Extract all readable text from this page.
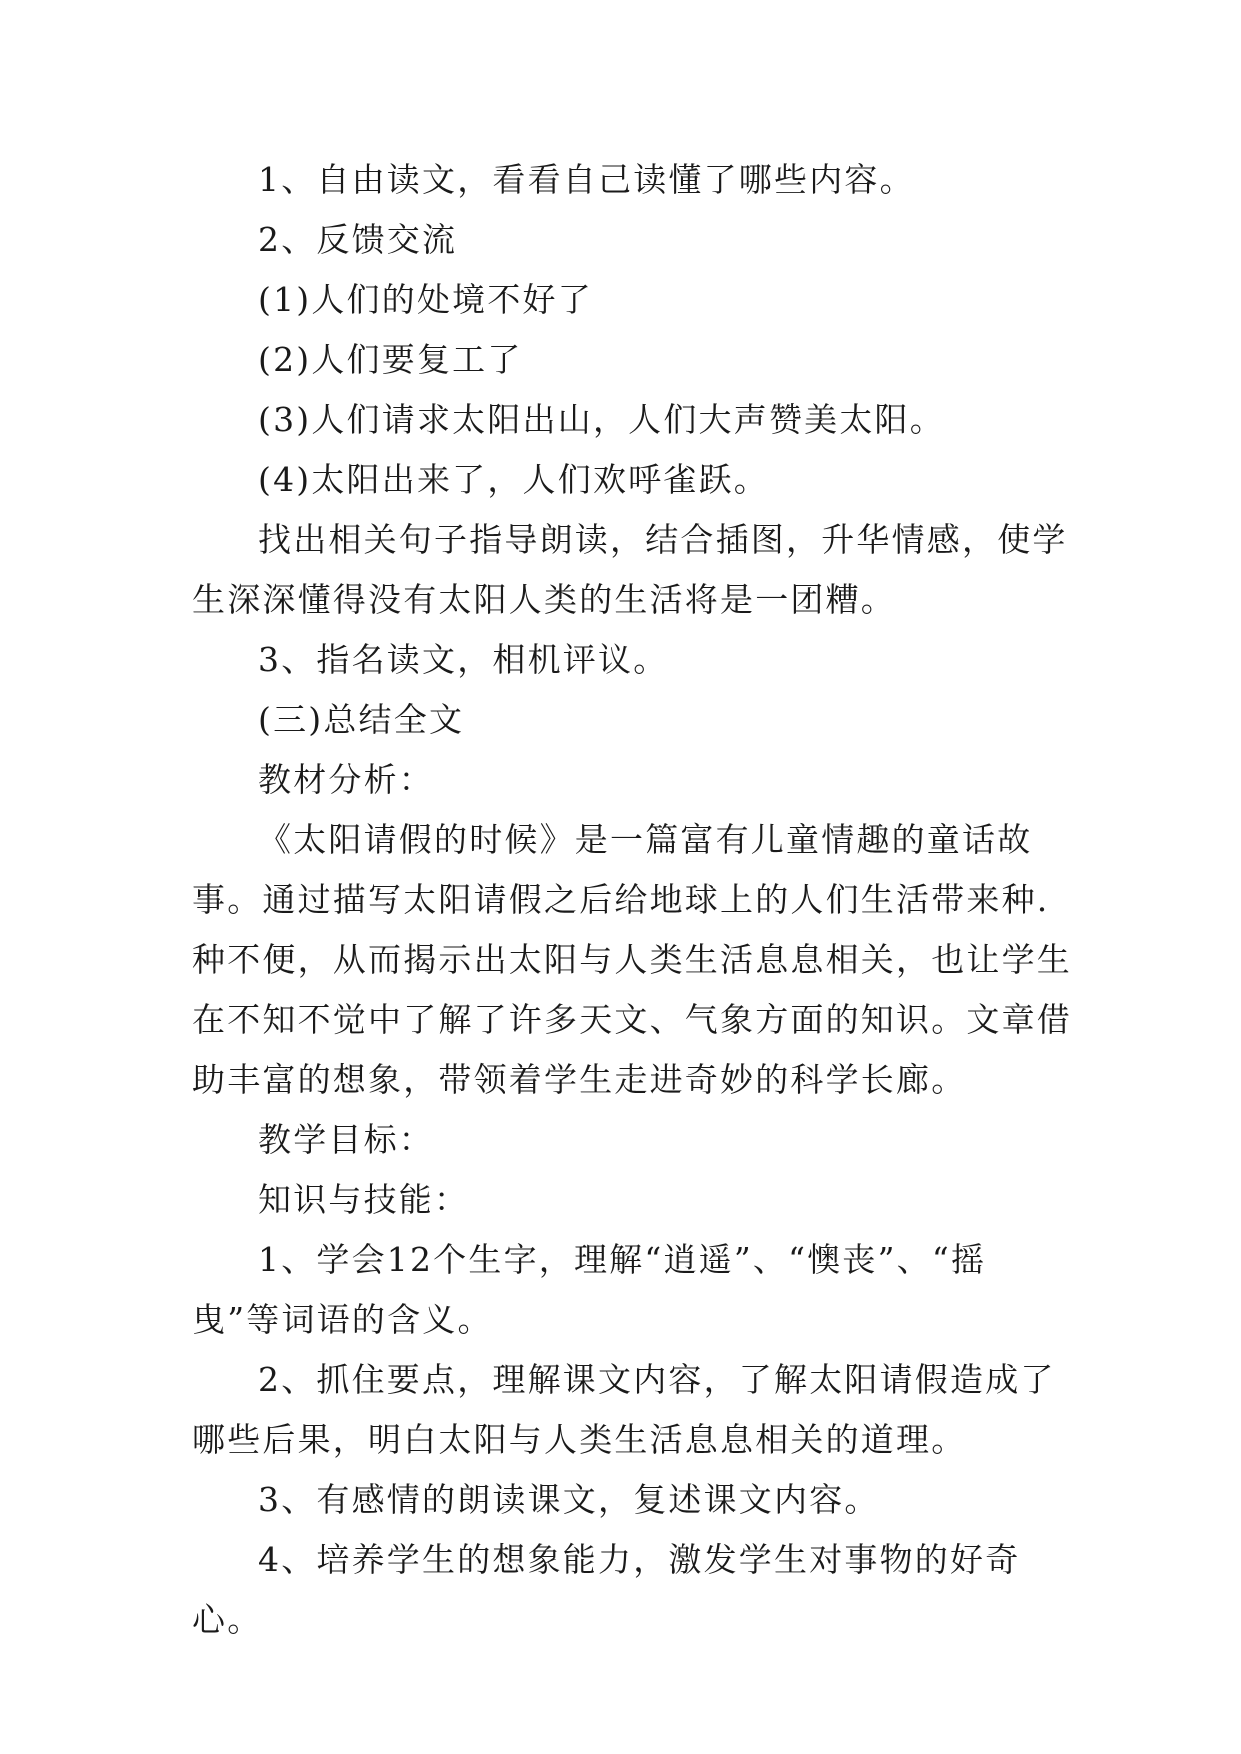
1、自由读文，看看自己读懂了哪些内容。

2、反馈交流

(1)人们的处境不好了

(2)人们要复工了

(3)人们请求太阳出山，人们大声赞美太阳。

(4)太阳出来了，人们欢呼雀跃。

找出相关句子指导朗读，结合插图，升华情感，使学生深深懂得没有太阳人类的生活将是一团糟。

3、指名读文，相机评议。

(三)总结全文

教材分析：

《太阳请假的时候》是一篇富有儿童情趣的童话故事。通过描写太阳请假之后给地球上的人们生活带来种.种不便，从而揭示出太阳与人类生活息息相关，也让学生在不知不觉中了解了许多天文、气象方面的知识。文章借助丰富的想象，带领着学生走进奇妙的科学长廊。

教学目标：

知识与技能：

1、学会12个生字，理解“逍遥”、“懊丧”、“摇曳”等词语的含义。

2、抓住要点，理解课文内容，了解太阳请假造成了哪些后果，明白太阳与人类生活息息相关的道理。

3、有感情的朗读课文，复述课文内容。

4、培养学生的想象能力，激发学生对事物的好奇心。
